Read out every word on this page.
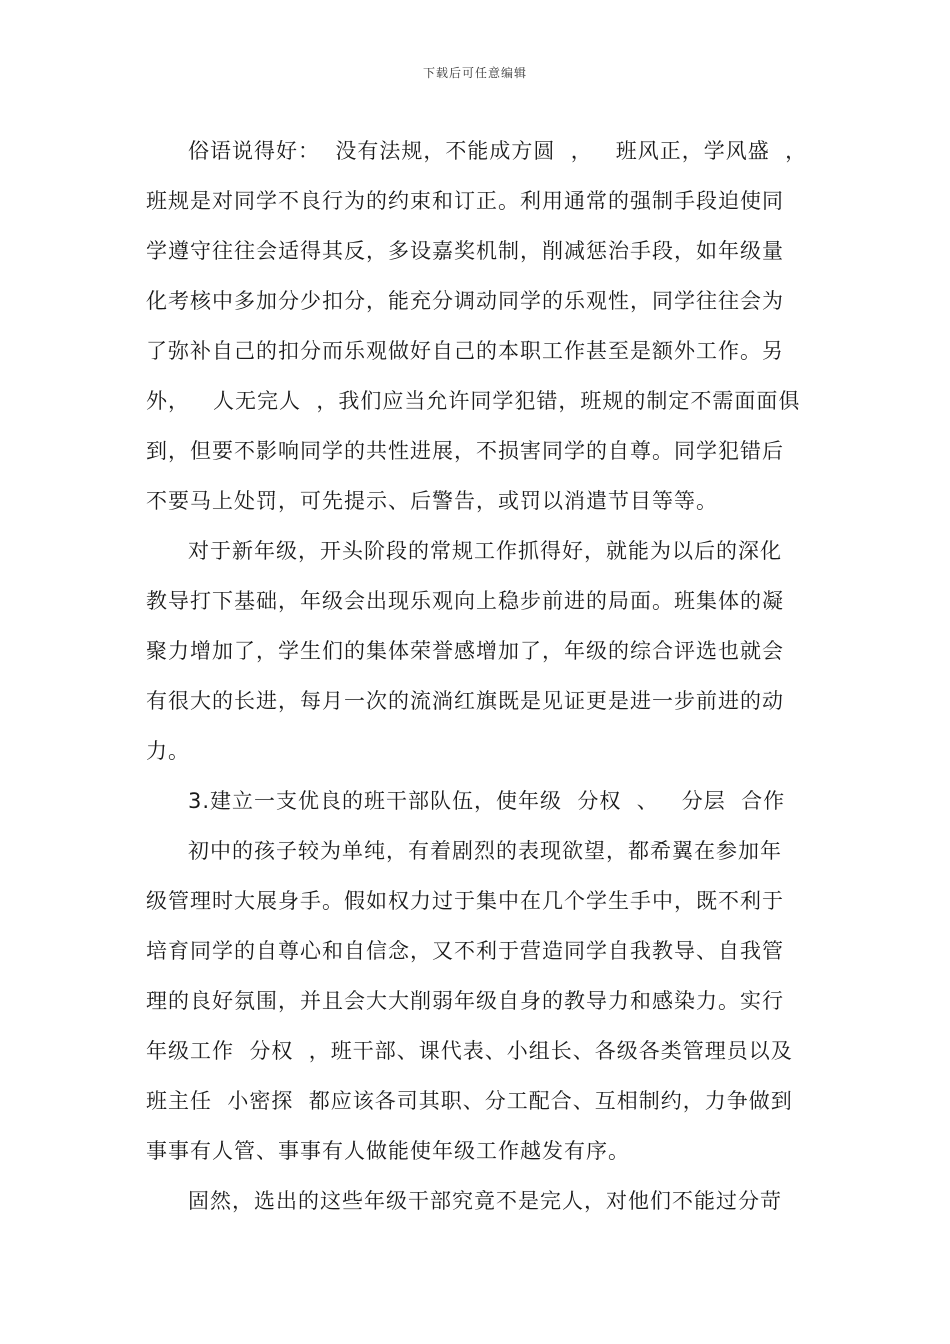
下载后可任意编辑
俗语说得好：  没有法规，不能成方圆  ，   班风正，学风盛  ，
班规是对同学不良行为的约束和订正。利用通常的强制手段迫使同
学遵守往往会适得其反，多设嘉奖机制，削减惩治手段，如年级量
化考核中多加分少扣分，能充分调动同学的乐观性，同学往往会为
了弥补自己的扣分而乐观做好自己的本职工作甚至是额外工作。另
外，   人无完人  ，我们应当允许同学犯错，班规的制定不需面面俱
到，但要不影响同学的共性进展，不损害同学的自尊。同学犯错后
不要马上处罚，可先提示、后警告，或罚以消遣节目等等。
对于新年级，开头阶段的常规工作抓得好，就能为以后的深化
教导打下基础，年级会出现乐观向上稳步前进的局面。班集体的凝
聚力增加了，学生们的集体荣誉感增加了，年级的综合评选也就会
有很大的长进，每月一次的流淌红旗既是见证更是进一步前进的动
力。
3.建立一支优良的班干部队伍，使年级  分权  、   分层  合作
初中的孩子较为单纯，有着剧烈的表现欲望，都希翼在参加年
级管理时大展身手。假如权力过于集中在几个学生手中，既不利于
培育同学的自尊心和自信念，又不利于营造同学自我教导、自我管
理的良好氛围，并且会大大削弱年级自身的教导力和感染力。实行
年级工作  分权  ，班干部、课代表、小组长、各级各类管理员以及
班主任  小密探  都应该各司其职、分工配合、互相制约，力争做到
事事有人管、事事有人做能使年级工作越发有序。
固然，选出的这些年级干部究竟不是完人，对他们不能过分苛
